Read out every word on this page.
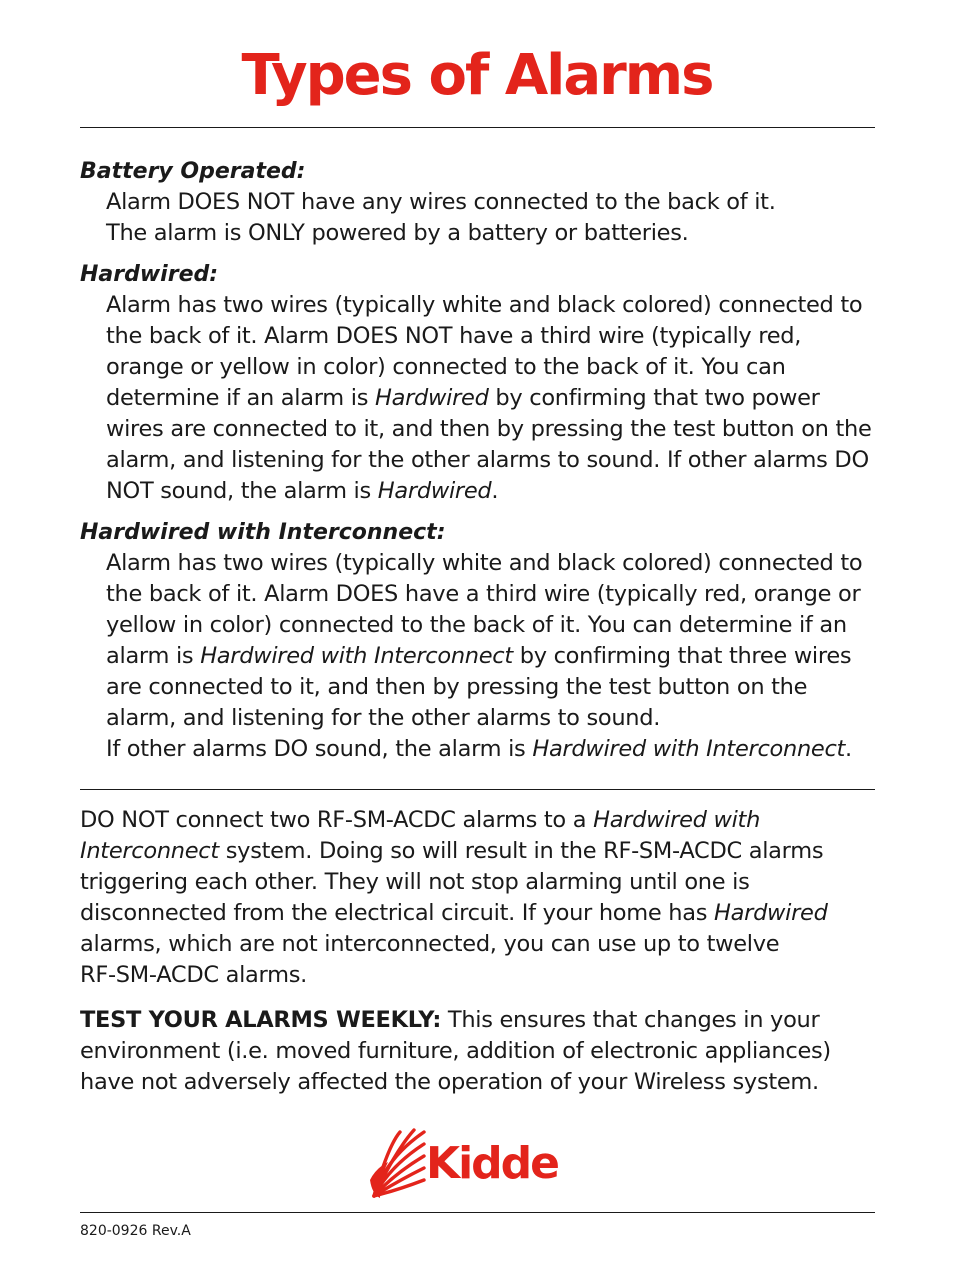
Types of Alarms
Battery Operated:

Alarm DOES NOT have any wires connected to the back of it.
The alarm is ONLY powered by a battery or batteries.

Hardwired:

Alarm has two wires (typically white and black colored) connected to the back of it. Alarm DOES NOT have a third wire (typically red, orange or yellow in color) connected to the back of it. You can determine if an alarm is Hardwired by confirming that two power wires are connected to it, and then by pressing the test button on the alarm, and listening for the other alarms to sound. If other alarms DO NOT sound, the alarm is Hardwired.

Hardwired with Interconnect:

Alarm has two wires (typically white and black colored) connected to the back of it. Alarm DOES have a third wire (typically red, orange or yellow in color) connected to the back of it. You can determine if an alarm is Hardwired with Interconnect by confirming that three wires are connected to it, and then by pressing the test button on the alarm, and listening for the other alarms to sound.
If other alarms DO sound, the alarm is Hardwired with Interconnect.

DO NOT connect two RF-SM-ACDC alarms to a Hardwired with Interconnect system. Doing so will result in the RF-SM-ACDC alarms triggering each other. They will not stop alarming until one is disconnected from the electrical circuit. If your home has Hardwired alarms, which are not interconnected, you can use up to twelve
RF-SM-ACDC alarms.

TEST YOUR ALARMS WEEKLY: This ensures that changes in your environment (i.e. moved furniture, addition of electronic appliances) have not adversely affected the operation of your Wireless system.

Kidde

820-0926 Rev.A
